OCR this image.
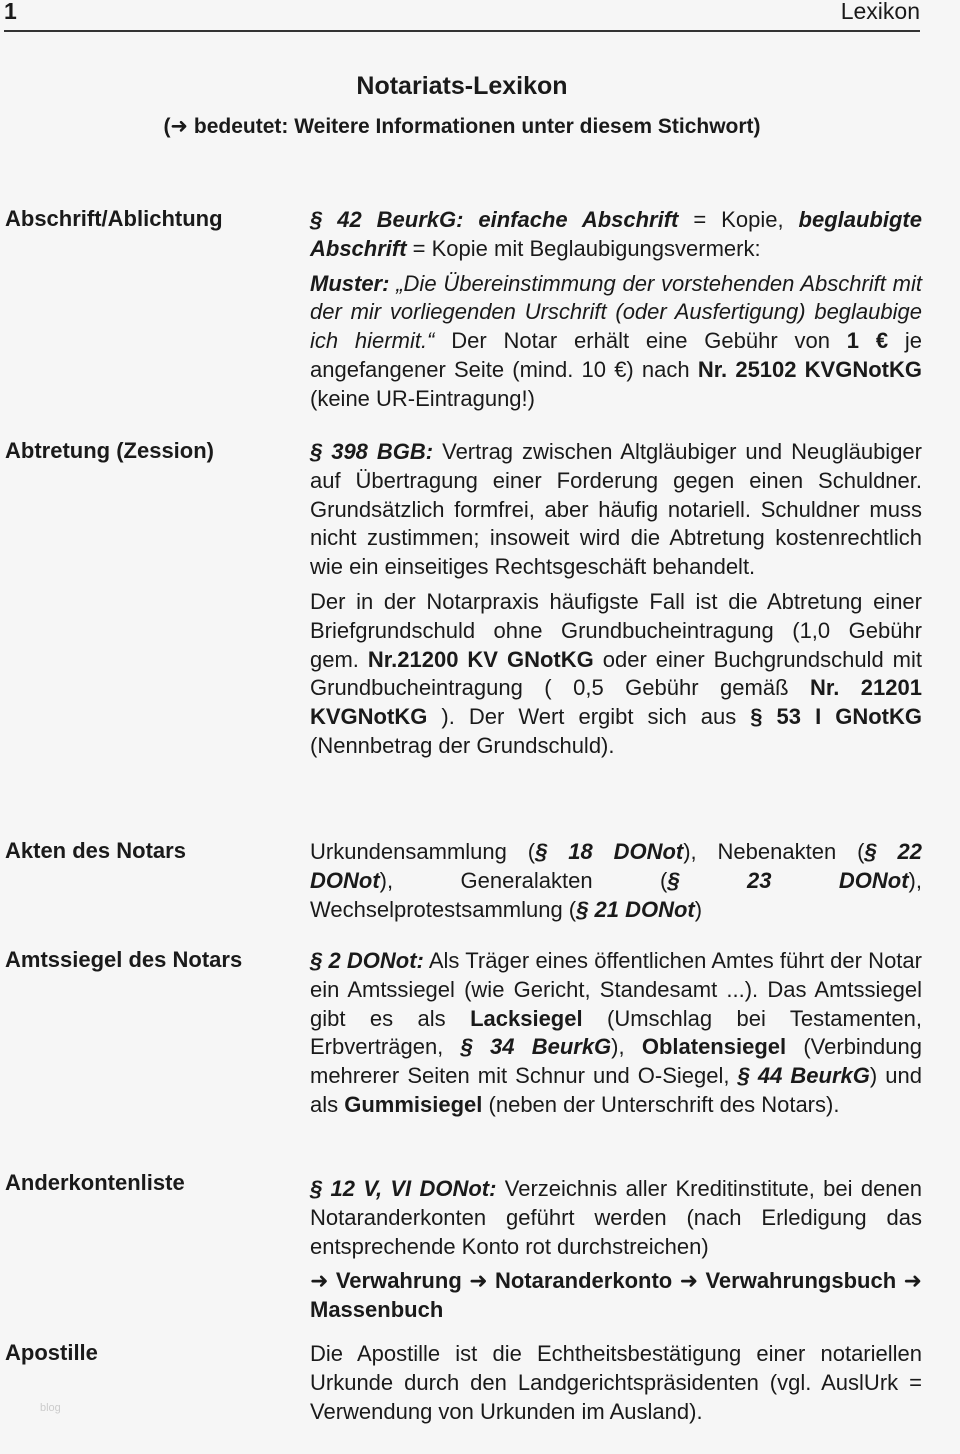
1	Lexikon
Notariats-Lexikon
(➜ bedeutet: Weitere Informationen unter diesem Stichwort)
Abschrift/Ablichtung	§ 42 BeurkG: einfache Abschrift = Kopie, beglaubigte Abschrift = Kopie mit Beglaubigungsvermerk:

Muster: „Die Übereinstimmung der vorstehenden Abschrift mit der mir vorliegenden Urschrift (oder Ausfertigung) beglaubige ich hiermit.“ Der Notar erhält eine Gebühr von 1 € je angefangener Seite (mind. 10 €) nach Nr. 25102 KVGNotKG (keine UR-Eintragung!)

Abtretung (Zession)	§ 398 BGB: Vertrag zwischen Altgläubiger und Neugläubiger auf Übertragung einer Forderung gegen einen Schuldner. Grundsätzlich formfrei, aber häufig notariell. Schuldner muss nicht zustimmen; insoweit wird die Abtretung kostenrechtlich wie ein einseitiges Rechtsgeschäft behandelt.

Der in der Notarpraxis häufigste Fall ist die Abtretung einer Briefgrundschuld ohne Grundbucheintragung (1,0 Gebühr gem. Nr.21200 KV GNotKG oder einer Buchgrundschuld mit Grundbucheintragung ( 0,5 Gebühr gemäß Nr. 21201 KVGNotKG ). Der Wert ergibt sich aus § 53 I GNotKG (Nennbetrag der Grundschuld).

Akten des Notars	Urkundensammlung (§ 18 DONot), Nebenakten (§ 22 DONot), Generalakten (§ 23 DONot), Wechselprotestsammlung (§ 21 DONot)

Amtssiegel des Notars	§ 2 DONot: Als Träger eines öffentlichen Amtes führt der Notar ein Amtssiegel (wie Gericht, Standesamt ...). Das Amtssiegel gibt es als Lacksiegel (Umschlag bei Testamenten, Erbverträgen, § 34 BeurkG), Oblatensiegel (Verbindung mehrerer Seiten mit Schnur und O-Siegel, § 44 BeurkG) und als Gummisiegel (neben der Unterschrift des Notars).

Anderkontenliste	§ 12 V, VI DONot: Verzeichnis aller Kreditinstitute, bei denen Notaranderkonten geführt werden (nach Erledigung das entsprechende Konto rot durchstreichen)

➜ Verwahrung ➜ Notaranderkonto ➜ Verwahrungsbuch ➜ Massenbuch

Apostille	Die Apostille ist die Echtheitsbestätigung einer notariellen Urkunde durch den Landgerichtspräsidenten (vgl. AuslUrk = Verwendung von Urkunden im Ausland).

blog
